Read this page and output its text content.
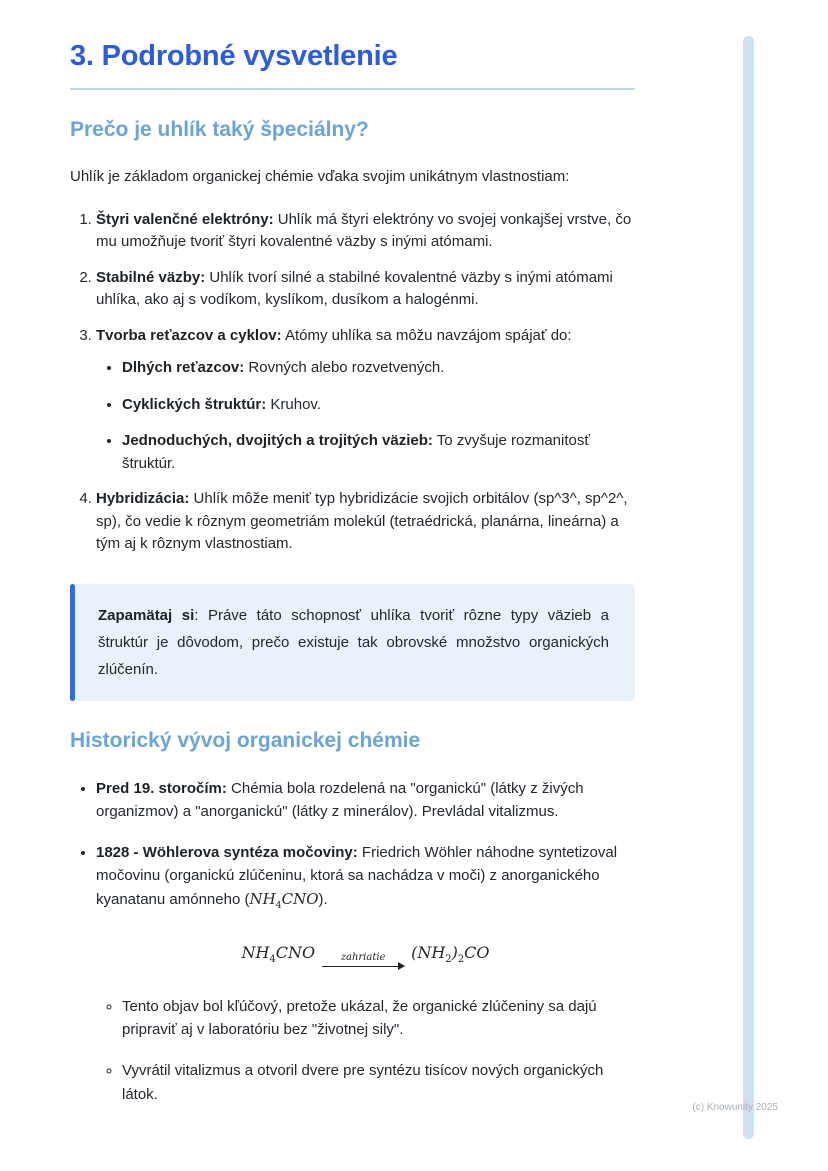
3. Podrobné vysvetlenie
Prečo je uhlík taký špeciálny?

Uhlík je základom organickej chémie vďaka svojim unikátnym vlastnostiam:

1. Štyri valenčné elektróny: Uhlík má štyri elektróny vo svojej vonkajšej vrstve, čo mu umožňuje tvoriť štyri kovalentné väzby s inými atómami.
2. Stabilné väzby: Uhlík tvorí silné a stabilné kovalentné väzby s inými atómami uhlíka, ako aj s vodíkom, kyslíkom, dusíkom a halogénmi.
3. Tvorba reťazcov a cyklov: Atómy uhlíka sa môžu navzájom spájať do:
• Dlhých reťazcov: Rovných alebo rozvetvených.
• Cyklických štruktúr: Kruhov.
• Jednoduchých, dvojitých a trojitých väzieb: To zvyšuje rozmanitosť štruktúr.
4. Hybridizácia: Uhlík môže meniť typ hybridizácie svojich orbitálov (sp^3^, sp^2^, sp), čo vedie k rôznym geometriám molekúl (tetraédrická, planárna, lineárna) a tým aj k rôznym vlastnostiam.

Zapamätaj si: Práve táto schopnosť uhlíka tvoriť rôzne typy väzieb a štruktúr je dôvodom, prečo existuje tak obrovské množstvo organických zlúčenín.

Historický vývoj organickej chémie
• Pred 19. storočím: Chémia bola rozdelená na "organickú" (látky z živých organizmov) a "anorganickú" (látky z minerálov). Prevládal vitalizmus.
• 1828 - Wöhlerova syntéza močoviny: Friedrich Wöhler náhodne syntetizoval močovinu (organickú zlúčeninu, ktorá sa nachádza v moči) z anorganického kyanatanu amónneho $(NH_4CNO)$.
$NH_4CNO$	zahriatie $(NH_2)_2CO$
◦ Tento objav bol kľúčový, pretože ukázal, že organické zlúčeniny sa dajú pripraviť aj v laboratóriu bez "životnej sily".
◦ Vyvrátil vitalizmus a otvoril dvere pre syntézu tisícov nových organických látok.
(c) Knowunity 2025
